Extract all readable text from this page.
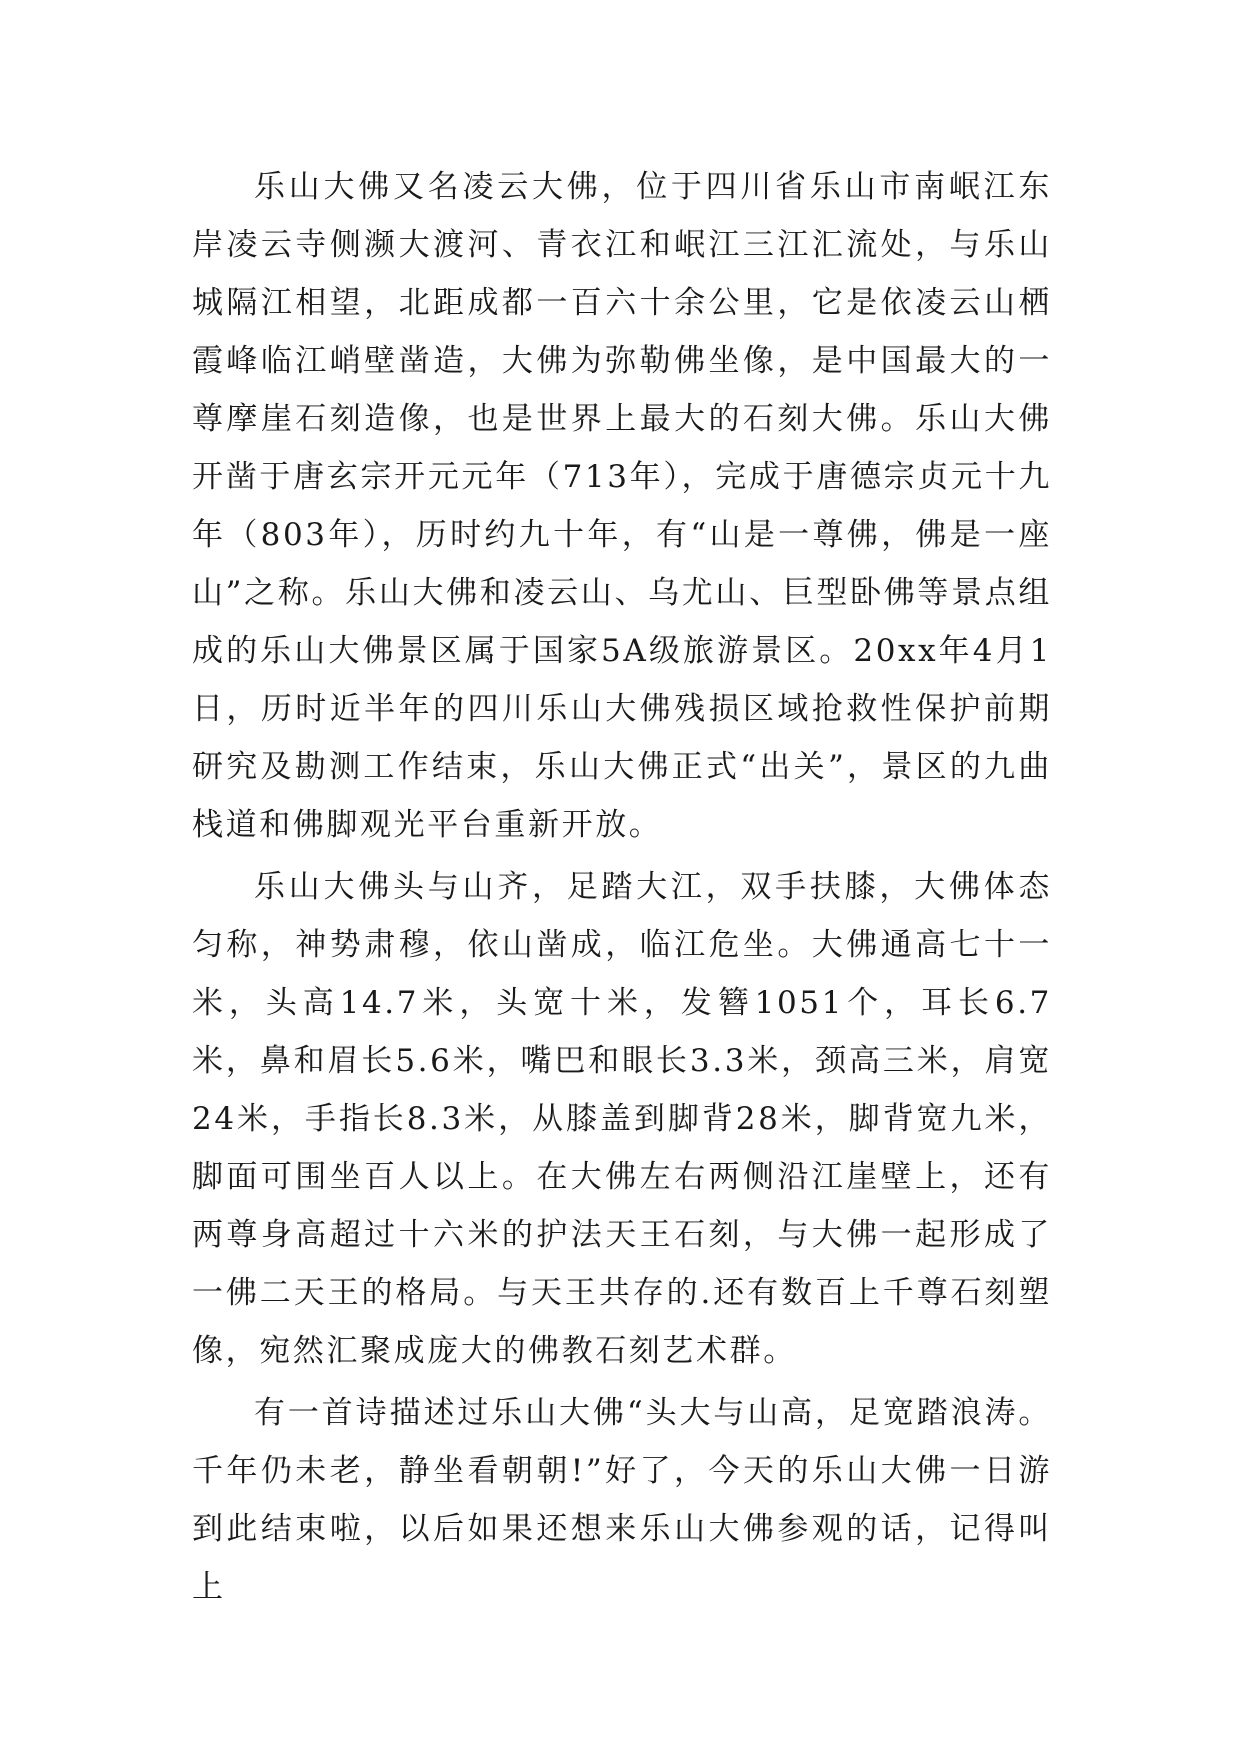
乐山大佛又名凌云大佛，位于四川省乐山市南岷江东岸凌云寺侧濒大渡河、青衣江和岷江三江汇流处，与乐山城隔江相望，北距成都一百六十余公里，它是依凌云山栖霞峰临江峭壁凿造，大佛为弥勒佛坐像，是中国最大的一尊摩崖石刻造像，也是世界上最大的石刻大佛。乐山大佛开凿于唐玄宗开元元年（713年），完成于唐德宗贞元十九年（803年），历时约九十年，有“山是一尊佛，佛是一座山”之称。乐山大佛和凌云山、乌尤山、巨型卧佛等景点组成的乐山大佛景区属于国家5A级旅游景区。20xx年4月1日，历时近半年的四川乐山大佛残损区域抢救性保护前期研究及勘测工作结束，乐山大佛正式“出关”，景区的九曲栈道和佛脚观光平台重新开放。

乐山大佛头与山齐，足踏大江，双手扶膝，大佛体态匀称，神势肃穆，依山凿成，临江危坐。大佛通高七十一米，头高14.7米，头宽十米，发簪1051个，耳长6.7米，鼻和眉长5.6米，嘴巴和眼长3.3米，颈高三米，肩宽24米，手指长8.3米，从膝盖到脚背28米，脚背宽九米，脚面可围坐百人以上。在大佛左右两侧沿江崖壁上，还有两尊身高超过十六米的护法天王石刻，与大佛一起形成了一佛二天王的格局。与天王共存的.还有数百上千尊石刻塑像，宛然汇聚成庞大的佛教石刻艺术群。

有一首诗描述过乐山大佛“头大与山高，足宽踏浪涛。千年仍未老，静坐看朝朝!”好了，今天的乐山大佛一日游到此结束啦，以后如果还想来乐山大佛参观的话，记得叫上
